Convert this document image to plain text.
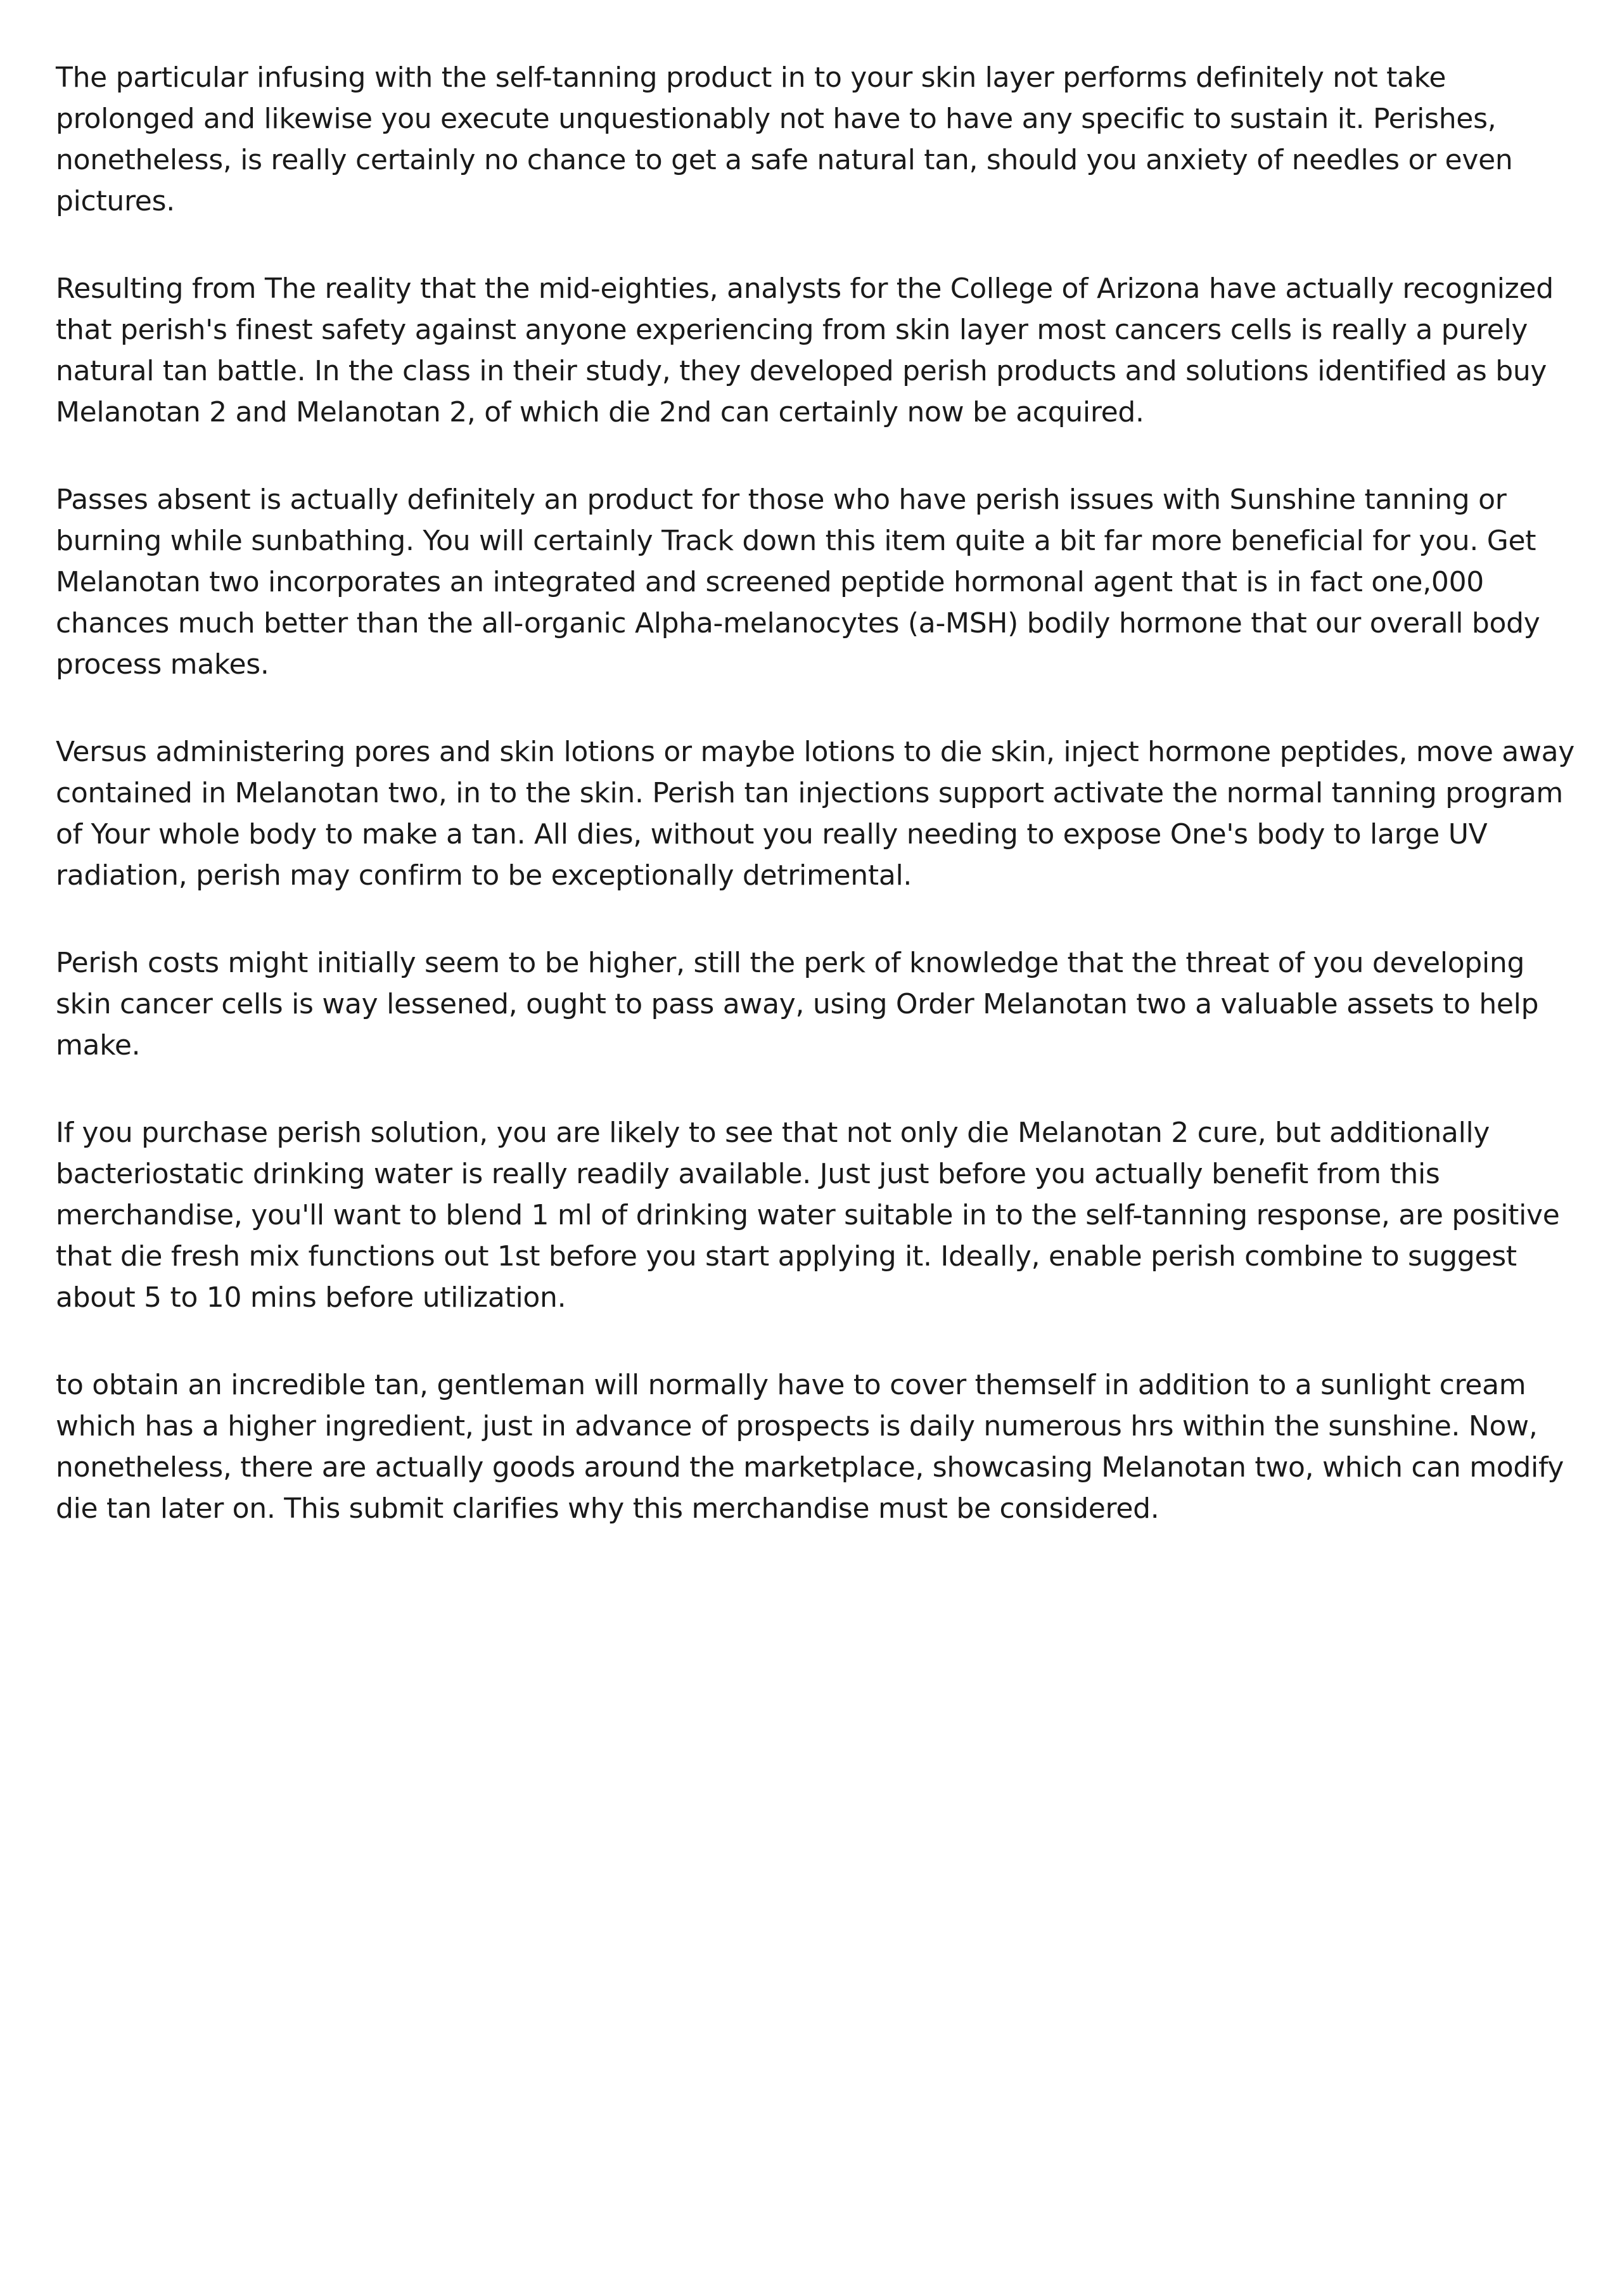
The particular infusing with the self-tanning product in to your skin layer performs definitely not take prolonged and likewise you execute unquestionably not have to have any specific to sustain it. Perishes, nonetheless, is really certainly no chance to get a safe natural tan, should you anxiety of needles or even pictures.

Resulting from The reality that the mid-eighties, analysts for the College of Arizona have actually recognized that perish's finest safety against anyone experiencing from skin layer most cancers cells is really a purely natural tan battle. In the class in their study, they developed perish products and solutions identified as buy Melanotan 2 and Melanotan 2, of which die 2nd can certainly now be acquired.

Passes absent is actually definitely an product for those who have perish issues with Sunshine tanning or burning while sunbathing. You will certainly Track down this item quite a bit far more beneficial for you. Get Melanotan two incorporates an integrated and screened peptide hormonal agent that is in fact one,000 chances much better than the all-organic Alpha-melanocytes (a-MSH) bodily hormone that our overall body process makes.

Versus administering pores and skin lotions or maybe lotions to die skin, inject hormone peptides, move away contained in Melanotan two, in to the skin. Perish tan injections support activate the normal tanning program of Your whole body to make a tan. All dies, without you really needing to expose One's body to large UV radiation, perish may confirm to be exceptionally detrimental.

Perish costs might initially seem to be higher, still the perk of knowledge that the threat of you developing skin cancer cells is way lessened, ought to pass away, using Order Melanotan two a valuable assets to help make.

If you purchase perish solution, you are likely to see that not only die Melanotan 2 cure, but additionally bacteriostatic drinking water is really readily available. Just just before you actually benefit from this merchandise, you'll want to blend 1 ml of drinking water suitable in to the self-tanning response, are positive that die fresh mix functions out 1st before you start applying it. Ideally, enable perish combine to suggest about 5 to 10 mins before utilization.

to obtain an incredible tan, gentleman will normally have to cover themself in addition to a sunlight cream which has a higher ingredient, just in advance of prospects is daily numerous hrs within the sunshine. Now, nonetheless, there are actually goods around the marketplace, showcasing Melanotan two, which can modify die tan later on. This submit clarifies why this merchandise must be considered.
